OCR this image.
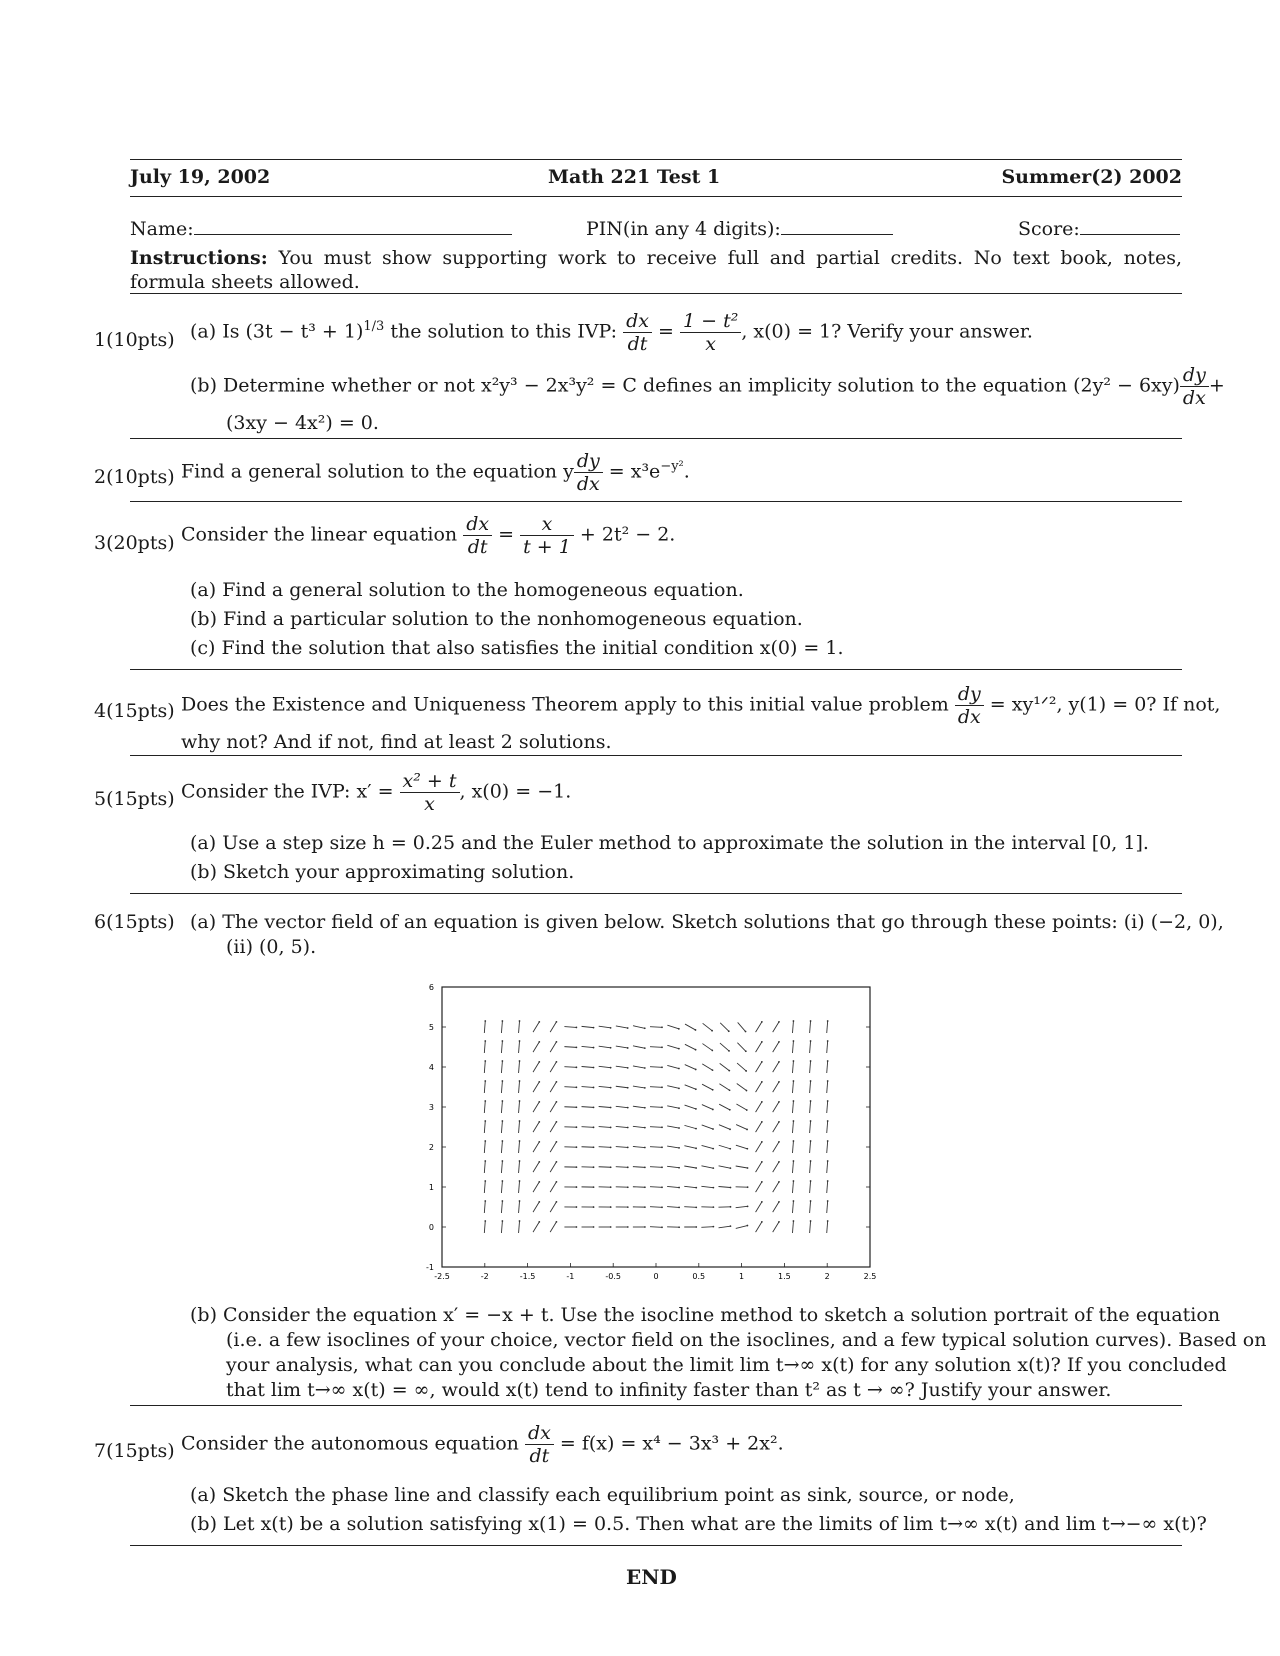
July 19, 2002	Math 221 Test 1	Summer(2) 2002
Name:	PIN(in any 4 digits):	Score:
Instructions: You must show supporting work to receive full and partial credits. No text book, notes, formula sheets allowed.
1(10pts) (a) Is $(3t - t^3 + 1)^{1/3}$ the solution to this IVP: $\frac{dx}{dt} = \frac{\text{1 − t²}}{x}$ , x(0) = 1? Verify your answer.
(b) Determine whether or not x²y³ − 2x³y² = C defines an implicity solution to the equation $(2y^2 - 6xy) \frac{dy}{dx}$ +
(3xy − 4x²) = 0.
2(10pts) Find a general solution to the equation y $\frac{dy}{dx} = x^3e^{-y^2}$.
3(20pts) Consider the linear equation $\frac{dx}{dt} = \frac{x}{t + 1} + 2t^2 - 2$.
(a) Find a general solution to the homogeneous equation.
(b) Find a particular solution to the nonhomogeneous equation.
(c) Find the solution that also satisfies the initial condition x(0) = 1.
4(15pts) Does the Existence and Uniqueness Theorem apply to this initial value problem $\frac{dy}{dx}$ = xy¹ᐟ², y(1) = 0? If not,
why not? And if not, find at least 2 solutions.
5(15pts) Consider the IVP: $x' = \frac{\text{x² + t}}{x}$ , x(0) = −1.
(a) Use a step size h = 0.25 and the Euler method to approximate the solution in the interval [0, 1].
(b) Sketch your approximating solution.
6(15pts) (a) The vector field of an equation is given below. Sketch solutions that go through these points: (i) (−2, 0),
(ii) (0, 5).
-1
0
1
2
3
4
5
6
-2.5	-2	-1.5	-1	-0.5	0	0.5	1	1.5	2	2.5
(b) Consider the equation x′ = −x + t. Use the isocline method to sketch a solution portrait of the equation
(i.e. a few isoclines of your choice, vector field on the isoclines, and a few typical solution curves). Based on
your analysis, what can you conclude about the limit lim t→∞ x(t) for any solution x(t)? If you concluded
that lim t→∞ x(t) = ∞, would x(t) tend to infinity faster than t² as t → ∞? Justify your answer.
7(15pts) Consider the autonomous equation $\frac{dx}{dt} = f(x) = x^4 - 3x^3 + 2x^2$.
(a) Sketch the phase line and classify each equilibrium point as sink, source, or node,
(b) Let x(t) be a solution satisfying x(1) = 0.5. Then what are the limits of lim t→∞ x(t) and lim t→−∞ x(t)?
END
